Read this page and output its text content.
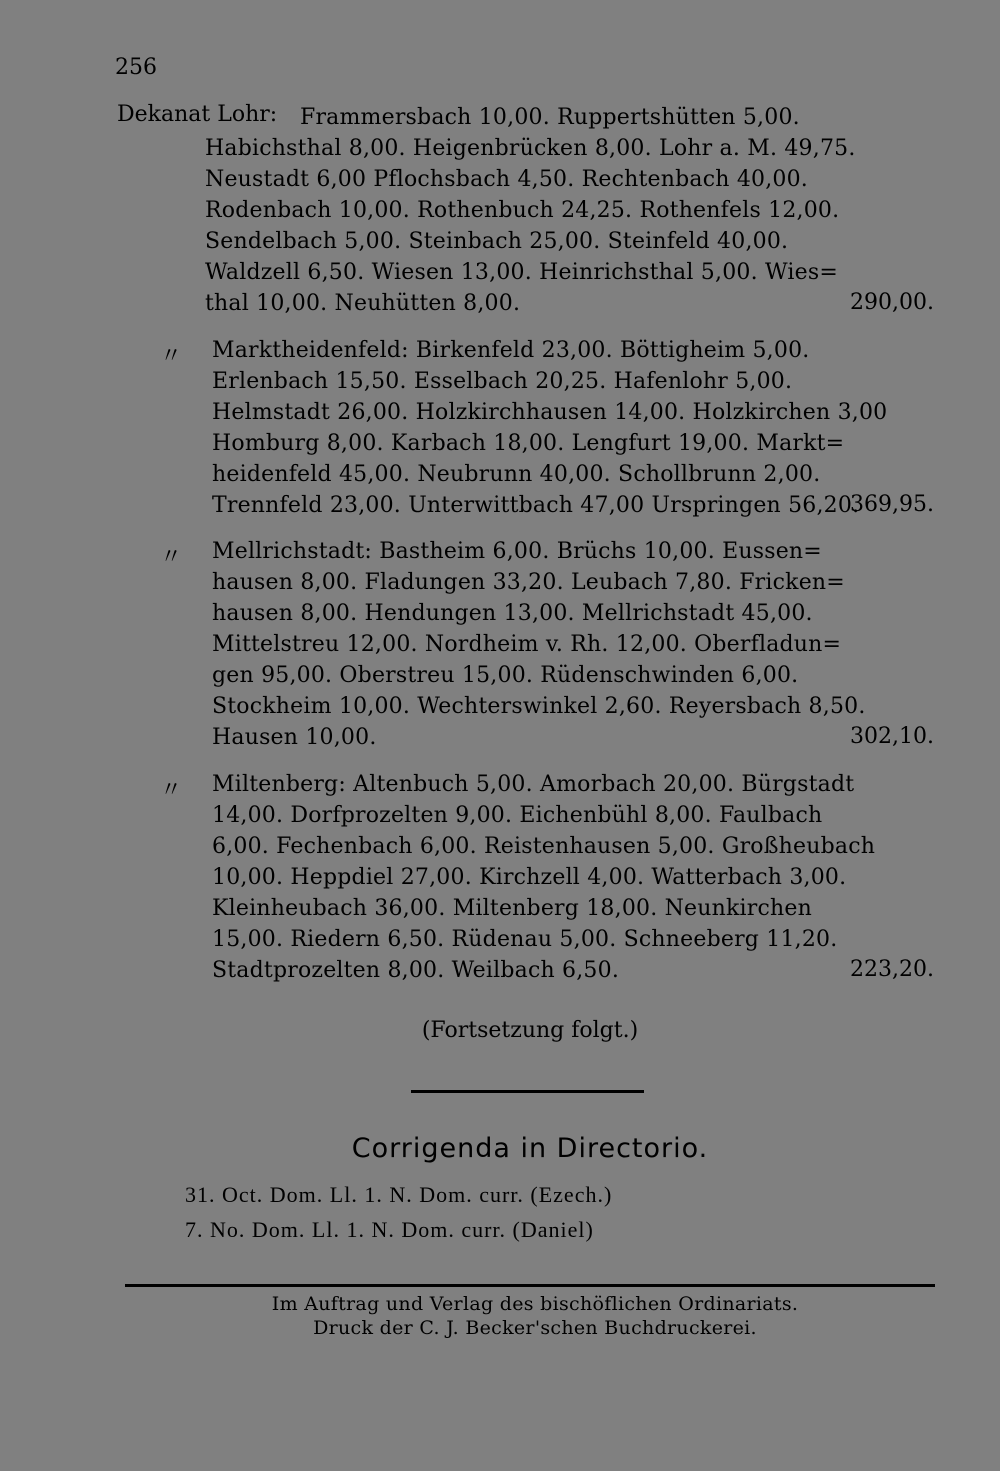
256
Dekanat Lohr:	Frammersbach 10,00. Ruppertshütten 5,00.
Habichsthal 8,00. Heigenbrücken 8,00. Lohr a. M. 49,75.
Neustadt 6,00 Pflochsbach 4,50. Rechtenbach 40,00.
Rodenbach 10,00. Rothenbuch 24,25. Rothenfels 12,00.
Sendelbach 5,00. Steinbach 25,00. Steinfeld 40,00.
Waldzell 6,50. Wiesen 13,00. Heinrichsthal 5,00. Wies=
thal 10,00. Neuhütten 8,00.	290,00.
〃 Marktheidenfeld: Birkenfeld 23,00. Böttigheim 5,00.
Erlenbach 15,50. Esselbach 20,25. Hafenlohr 5,00.
Helmstadt 26,00. Holzkirchhausen 14,00. Holzkirchen 3,00
Homburg 8,00. Karbach 18,00. Lengfurt 19,00. Markt=
heidenfeld 45,00. Neubrunn 40,00. Schollbrunn 2,00.
Trennfeld 23,00. Unterwittbach 47,00 Urspringen 56,20.
369,95.
〃 Mellrichstadt: Bastheim 6,00. Brüchs 10,00. Eussen=
hausen 8,00. Fladungen 33,20. Leubach 7,80. Fricken=
hausen 8,00. Hendungen 13,00. Mellrichstadt 45,00.
Mittelstreu 12,00. Nordheim v. Rh. 12,00. Oberfladun=
gen 95,00. Oberstreu 15,00. Rüdenschwinden 6,00.
Stockheim 10,00. Wechterswinkel 2,60. Reyersbach 8,50.
Hausen 10,00.	302,10.
〃 Miltenberg: Altenbuch 5,00. Amorbach 20,00. Bürgstadt
14,00. Dorfprozelten 9,00. Eichenbühl 8,00. Faulbach
6,00. Fechenbach 6,00. Reistenhausen 5,00. Großheubach
10,00. Heppdiel 27,00. Kirchzell 4,00. Watterbach 3,00.
Kleinheubach 36,00. Miltenberg 18,00. Neunkirchen
15,00. Riedern 6,50. Rüdenau 5,00. Schneeberg 11,20.
Stadtprozelten 8,00. Weilbach 6,50.	223,20.
(Fortsetzung folgt.)
Corrigenda in Directorio.
31. Oct. Dom. Ll. 1. N. Dom. curr. (Ezech.)
7. No. Dom. Ll. 1. N. Dom. curr. (Daniel)
Im Auftrag und Verlag des bischöflichen Ordinariats.
Druck der C. J. Becker'schen Buchdruckerei.
